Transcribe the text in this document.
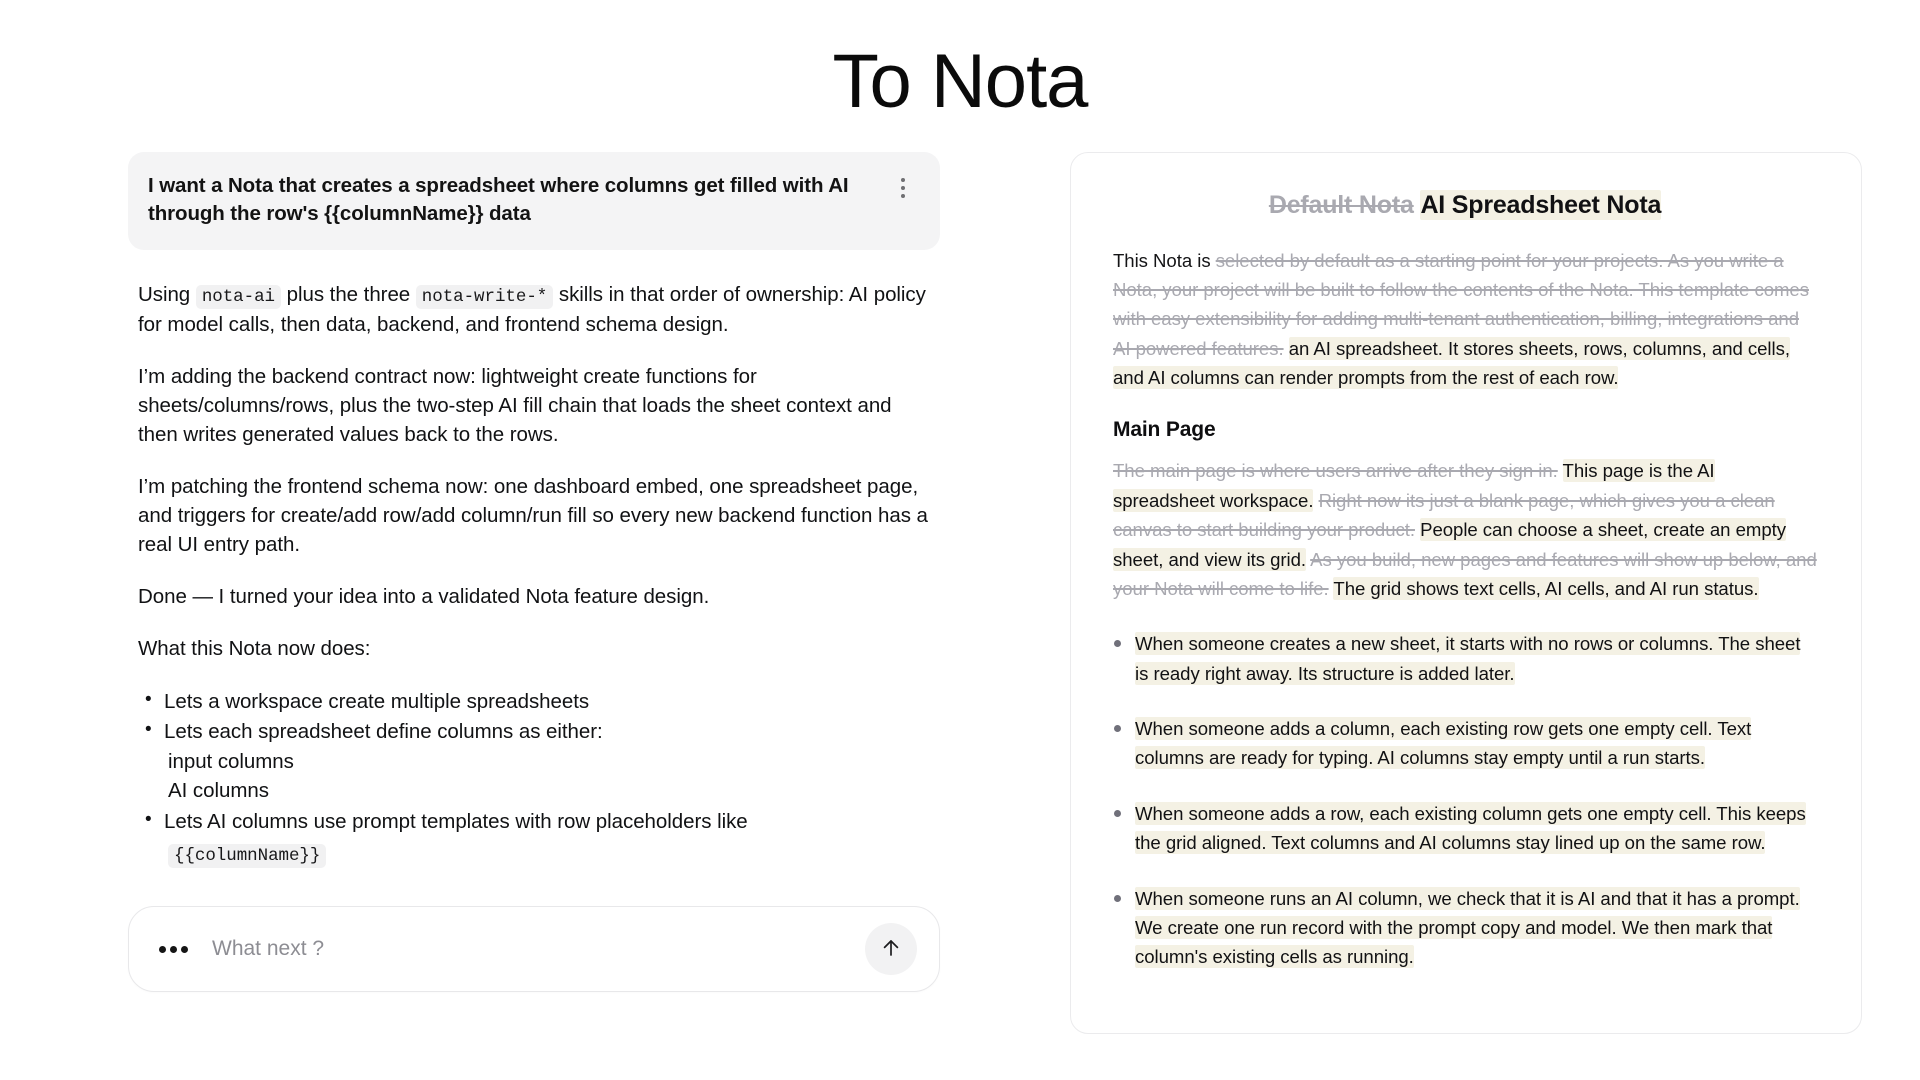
To Nota
I want a Nota that creates a spreadsheet where columns get filled with AI through the row's {{columnName}} data

Using nota-ai plus the three nota-write-* skills in that order of ownership: AI policy for model calls, then data, backend, and frontend schema design.

I’m adding the backend contract now: lightweight create functions for sheets/columns/rows, plus the two-step AI fill chain that loads the sheet context and then writes generated values back to the rows.

I’m patching the frontend schema now: one dashboard embed, one spreadsheet page, and triggers for create/add row/add column/run fill so every new backend function has a real UI entry path.

Done — I turned your idea into a validated Nota feature design.

What this Nota now does:

• Lets a workspace create multiple spreadsheets
• Lets each spreadsheet define columns as either:
input columns
AI columns
• Lets AI columns use prompt templates with row placeholders like
{{columnName}}
What next ?
Default Nota AI Spreadsheet Nota

This Nota is selected by default as a starting point for your projects. As you write a Nota, your project will be built to follow the contents of the Nota. This template comes with easy extensibility for adding multi-tenant authentication, billing, integrations and AI powered features. an AI spreadsheet. It stores sheets, rows, columns, and cells, and AI columns can render prompts from the rest of each row.

Main Page

The main page is where users arrive after they sign in. This page is the AI spreadsheet workspace. Right now its just a blank page, which gives you a clean canvas to start building your product. People can choose a sheet, create an empty sheet, and view its grid. As you build, new pages and features will show up below, and your Nota will come to life. The grid shows text cells, AI cells, and AI run status.

When someone creates a new sheet, it starts with no rows or columns. The sheet is ready right away. Its structure is added later.
When someone adds a column, each existing row gets one empty cell. Text columns are ready for typing. AI columns stay empty until a run starts.
When someone adds a row, each existing column gets one empty cell. This keeps the grid aligned. Text columns and AI columns stay lined up on the same row.
When someone runs an AI column, we check that it is AI and that it has a prompt. We create one run record with the prompt copy and model. We then mark that column's existing cells as running.
